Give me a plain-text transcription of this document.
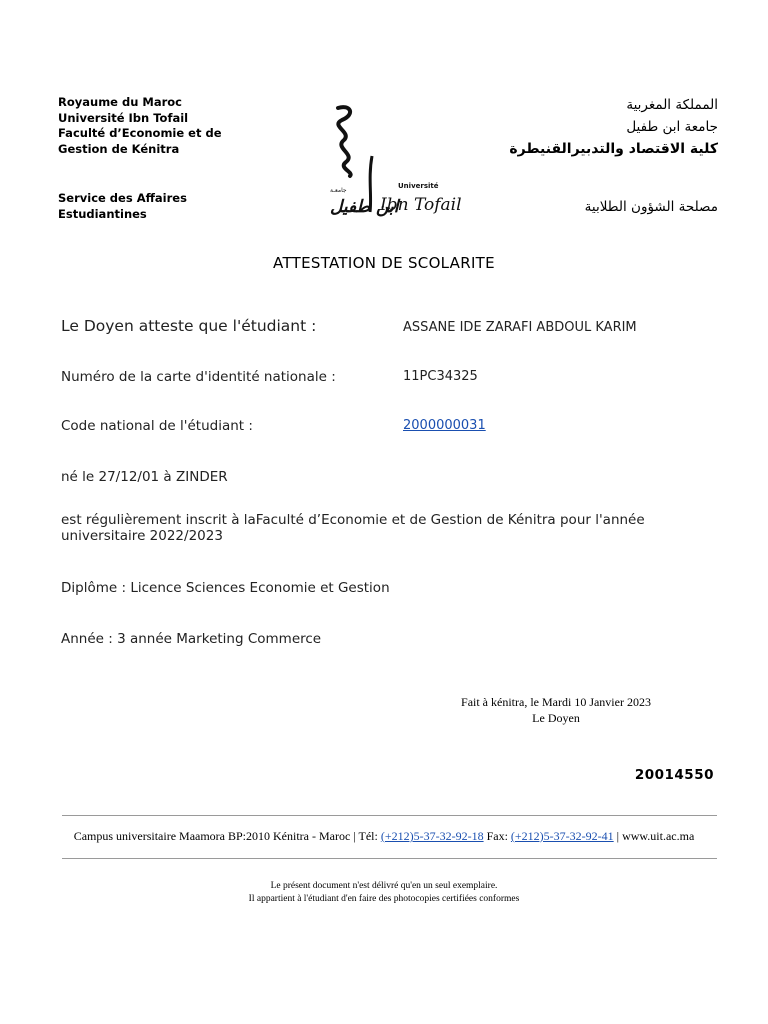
Royaume du Maroc
Université Ibn Tofail
Faculté d’Economie et de
Gestion de Kénitra
Service des Affaires
Estudiantines
جامعـة
ابن طفيل
Université
Ibn Tofail
المملكة المغربية
جامعة ابن طفيل
كلية الاقتصاد والتدبيرالقنيطرة
مصلحة الشؤون الطلابية
ATTESTATION DE SCOLARITE
Le Doyen atteste que l'étudiant :	ASSANE IDE ZARAFI ABDOUL KARIM
Numéro de la carte d'identité nationale :	11PC34325
Code national de l'étudiant :	2000000031
né le 27/12/01 à ZINDER
est régulièrement inscrit à laFaculté d’Economie et de Gestion de Kénitra pour l'année
universitaire 2022/2023
Diplôme : Licence Sciences Economie et Gestion
Année : 3 année Marketing Commerce
Fait à kénitra, le Mardi 10 Janvier 2023
Le Doyen
20014550
Campus universitaire Maamora BP:2010 Kénitra - Maroc | Tél: (+212)5-37-32-92-18 Fax: (+212)5-37-32-92-41 | www.uit.ac.ma
Le présent document n'est délivré qu'en un seul exemplaire.
Il appartient à l'étudiant d'en faire des photocopies certifiées conformes
